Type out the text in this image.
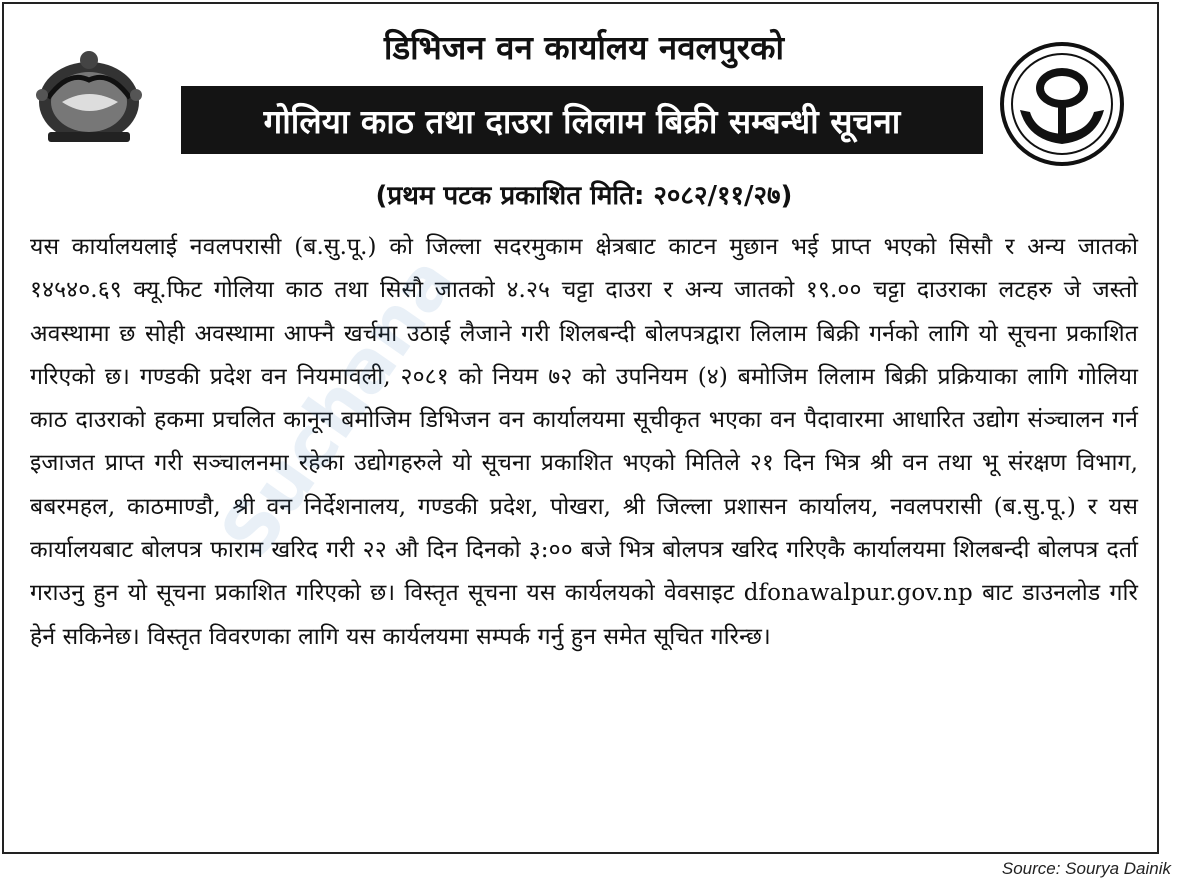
डिभिजन वन कार्यालय नवलपुरको
गोलिया काठ तथा दाउरा लिलाम बिक्री सम्बन्धी सूचना
(प्रथम पटक प्रकाशित मिति: २०८२/११/२७)
यस कार्यालयलाई नवलपरासी (ब.सु.पू.) को जिल्ला सदरमुकाम क्षेत्रबाट काटन मुछान भई प्राप्त भएको सिसौ र अन्य जातको १४५४०.६९ क्यू.फिट गोलिया काठ तथा सिसौ जातको ४.२५ चट्टा दाउरा र अन्य जातको १९.०० चट्टा दाउराका लटहरु जे जस्तो अवस्थामा छ सोही अवस्थामा आफ्नै खर्चमा उठाई लैजाने गरी शिलबन्दी बोलपत्रद्वारा लिलाम बिक्री गर्नको लागि यो सूचना प्रकाशित गरिएको छ। गण्डकी प्रदेश वन नियमावली, २०८१ को नियम ७२ को उपनियम (४) बमोजिम लिलाम बिक्री प्रक्रियाका लागि गोलिया काठ दाउराको हकमा प्रचलित कानून बमोजिम डिभिजन वन कार्यालयमा सूचीकृत भएका वन पैदावारमा आधारित उद्योग संञ्चालन गर्न इजाजत प्राप्त गरी सञ्चालनमा रहेका उद्योगहरुले यो सूचना प्रकाशित भएको मितिले २१ दिन भित्र श्री वन तथा भू संरक्षण विभाग, बबरमहल, काठमाण्डौ, श्री वन निर्देशनालय, गण्डकी प्रदेश, पोखरा, श्री जिल्ला प्रशासन कार्यालय, नवलपरासी (ब.सु.पू.) र यस कार्यालयबाट बोलपत्र फाराम खरिद गरी २२ औ दिन दिनको ३:०० बजे भित्र बोलपत्र खरिद गरिएकै कार्यालयमा शिलबन्दी बोलपत्र दर्ता गराउनु हुन यो सूचना प्रकाशित गरिएको छ। विस्तृत सूचना यस कार्यलयको वेवसाइट dfonawalpur.gov.np बाट डाउनलोड गरि हेर्न सकिनेछ। विस्तृत विवरणका लागि यस कार्यलयमा सम्पर्क गर्नु हुन समेत सूचित गरिन्छ।
Suchana
Source: Sourya Dainik
